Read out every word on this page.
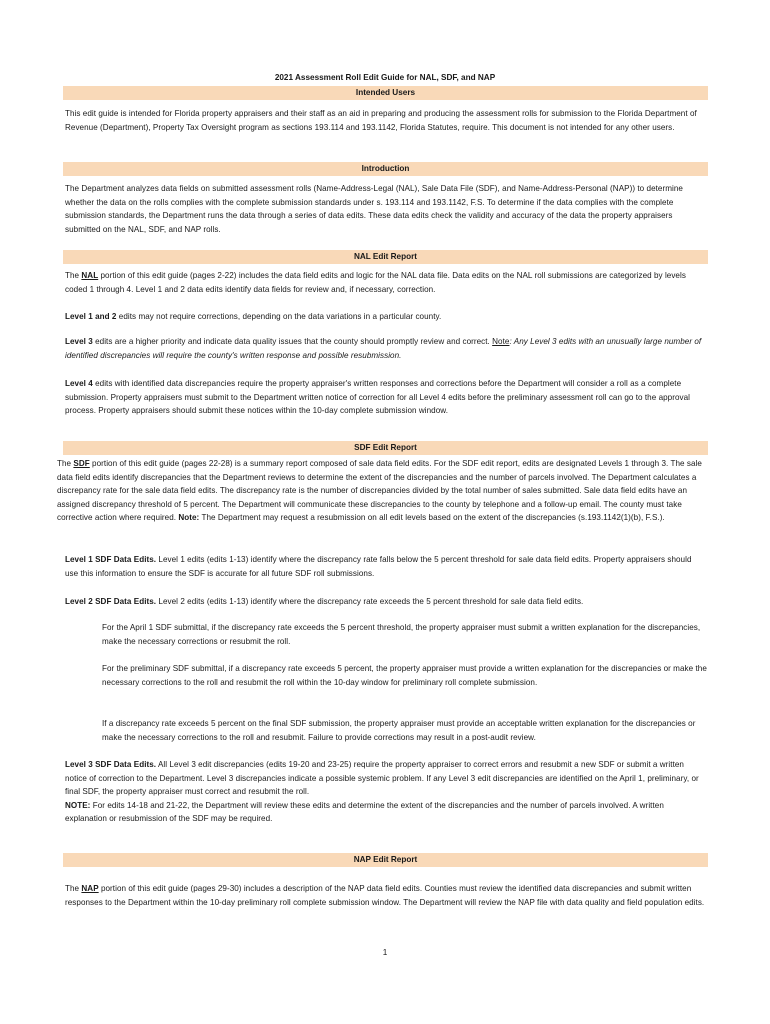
2021 Assessment Roll Edit Guide for NAL, SDF, and NAP
Intended Users

This edit guide is intended for Florida property appraisers and their staff as an aid in preparing and producing the assessment rolls for submission to the Florida Department of Revenue (Department), Property Tax Oversight program as sections 193.114 and 193.1142, Florida Statutes, require. This document is not intended for any other users.

Introduction

The Department analyzes data fields on submitted assessment rolls (Name-Address-Legal (NAL), Sale Data File (SDF), and Name-Address-Personal (NAP)) to determine whether the data on the rolls complies with the complete submission standards under s. 193.114 and 193.1142, F.S. To determine if the data complies with the complete submission standards, the Department runs the data through a series of data edits. These data edits check the validity and accuracy of the data the property appraisers submitted on the NAL, SDF, and NAP rolls.

NAL Edit Report

The NAL portion of this edit guide (pages 2-22) includes the data field edits and logic for the NAL data file. Data edits on the NAL roll submissions are categorized by levels coded 1 through 4. Level 1 and 2 data edits identify data fields for review and, if necessary, correction.

Level 1 and 2 edits may not require corrections, depending on the data variations in a particular county.

Level 3 edits are a higher priority and indicate data quality issues that the county should promptly review and correct. Note: Any Level 3 edits with an unusually large number of identified discrepancies will require the county's written response and possible resubmission.

Level 4 edits with identified data discrepancies require the property appraiser's written responses and corrections before the Department will consider a roll as a complete submission. Property appraisers must submit to the Department written notice of correction for all Level 4 edits before the preliminary assessment roll can go to the approval process. Property appraisers should submit these notices within the 10-day complete submission window.

SDF Edit Report

The SDF portion of this edit guide (pages 22-28) is a summary report composed of sale data field edits. For the SDF edit report, edits are designated Levels 1 through 3. The sale data field edits identify discrepancies that the Department reviews to determine the extent of the discrepancies and the number of parcels involved. The Department calculates a discrepancy rate for the sale data field edits. The discrepancy rate is the number of discrepancies divided by the total number of sales submitted. Sale data field edits have an assigned discrepancy threshold of 5 percent. The Department will communicate these discrepancies to the county by telephone and a follow-up email. The county must take corrective action where required. Note: The Department may request a resubmission on all edit levels based on the extent of the discrepancies (s.193.1142(1)(b), F.S.).

Level 1 SDF Data Edits. Level 1 edits (edits 1-13) identify where the discrepancy rate falls below the 5 percent threshold for sale data field edits. Property appraisers should use this information to ensure the SDF is accurate for all future SDF roll submissions.

Level 2 SDF Data Edits. Level 2 edits (edits 1-13) identify where the discrepancy rate exceeds the 5 percent threshold for sale data field edits.

For the April 1 SDF submittal, if the discrepancy rate exceeds the 5 percent threshold, the property appraiser must submit a written explanation for the discrepancies, make the necessary corrections or resubmit the roll.

For the preliminary SDF submittal, if a discrepancy rate exceeds 5 percent, the property appraiser must provide a written explanation for the discrepancies or make the necessary corrections to the roll and resubmit the roll within the 10-day window for preliminary roll complete submission.

If a discrepancy rate exceeds 5 percent on the final SDF submission, the property appraiser must provide an acceptable written explanation for the discrepancies or make the necessary corrections to the roll and resubmit. Failure to provide corrections may result in a post-audit review.

Level 3 SDF Data Edits. All Level 3 edit discrepancies (edits 19-20 and 23-25) require the property appraiser to correct errors and resubmit a new SDF or submit a written notice of correction to the Department. Level 3 discrepancies indicate a possible systemic problem. If any Level 3 edit discrepancies are identified on the April 1, preliminary, or final SDF, the property appraiser must correct and resubmit the roll.

NOTE: For edits 14-18 and 21-22, the Department will review these edits and determine the extent of the discrepancies and the number of parcels involved. A written explanation or resubmission of the SDF may be required.

NAP Edit Report

The NAP portion of this edit guide (pages 29-30) includes a description of the NAP data field edits. Counties must review the identified data discrepancies and submit written responses to the Department within the 10-day preliminary roll complete submission window. The Department will review the NAP file with data quality and field population edits.

1
